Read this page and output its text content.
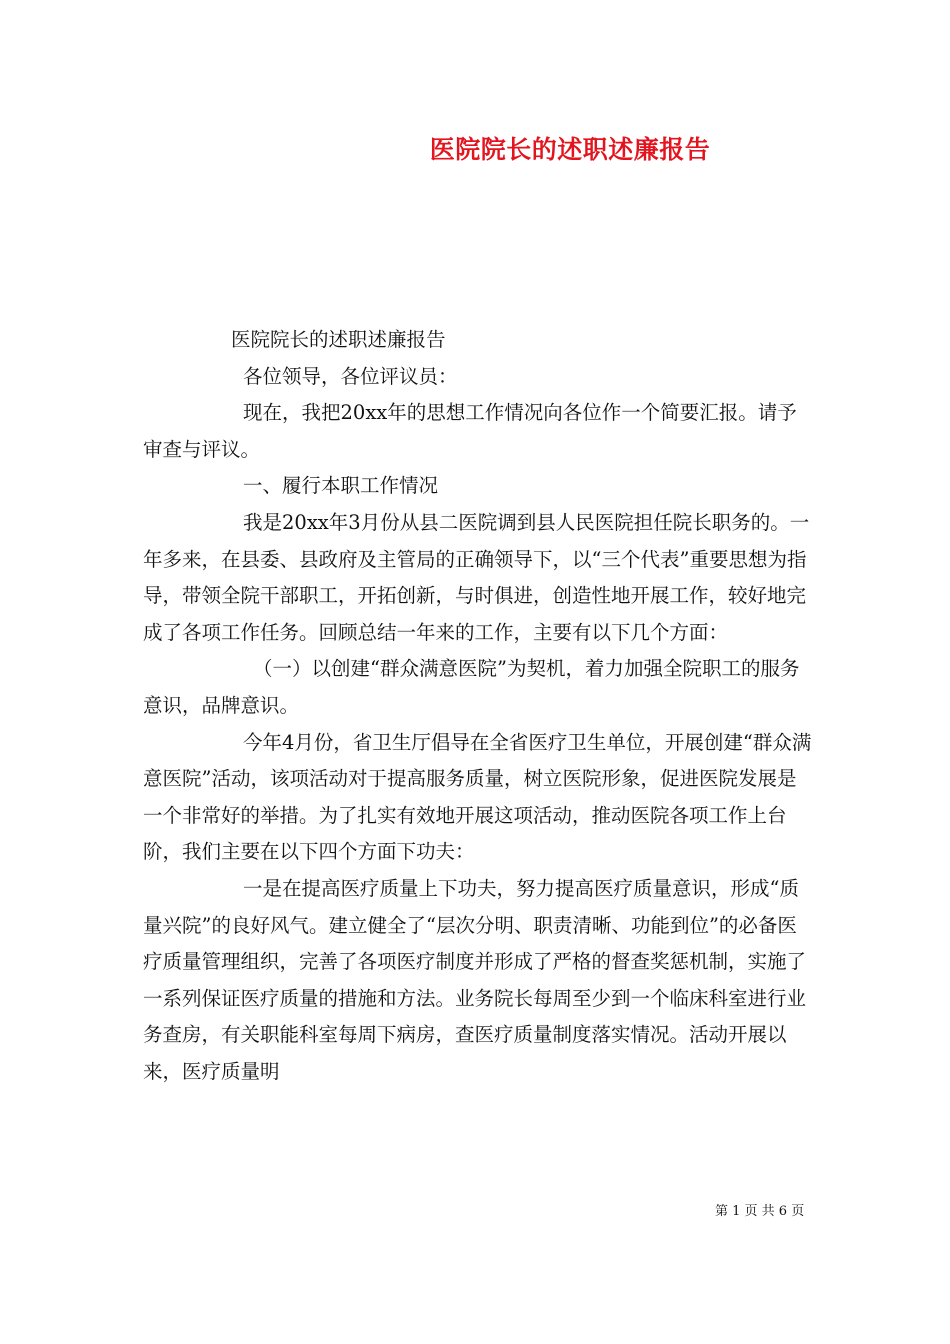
医院院长的述职述廉报告

医院院长的述职述廉报告

各位领导，各位评议员：

现在，我把20xx年的思想工作情况向各位作一个简要汇报。请予审查与评议。

一、履行本职工作情况

我是20xx年3月份从县二医院调到县人民医院担任院长职务的。一年多来，在县委、县政府及主管局的正确领导下，以“三个代表”重要思想为指导，带领全院干部职工，开拓创新，与时俱进，创造性地开展工作，较好地完成了各项工作任务。回顾总结一年来的工作，主要有以下几个方面：

（一）以创建“群众满意医院”为契机，着力加强全院职工的服务意识，品牌意识。

今年4月份，省卫生厅倡导在全省医疗卫生单位，开展创建“群众满意医院”活动，该项活动对于提高服务质量，树立医院形象，促进医院发展是一个非常好的举措。为了扎实有效地开展这项活动，推动医院各项工作上台阶，我们主要在以下四个方面下功夫：

一是在提高医疗质量上下功夫，努力提高医疗质量意识，形成“质量兴院”的良好风气。建立健全了“层次分明、职责清晰、功能到位”的必备医疗质量管理组织，完善了各项医疗制度并形成了严格的督查奖惩机制，实施了一系列保证医疗质量的措施和方法。业务院长每周至少到一个临床科室进行业务查房，有关职能科室每周下病房，查医疗质量制度落实情况。活动开展以来，医疗质量明

第 1 页 共 6 页
